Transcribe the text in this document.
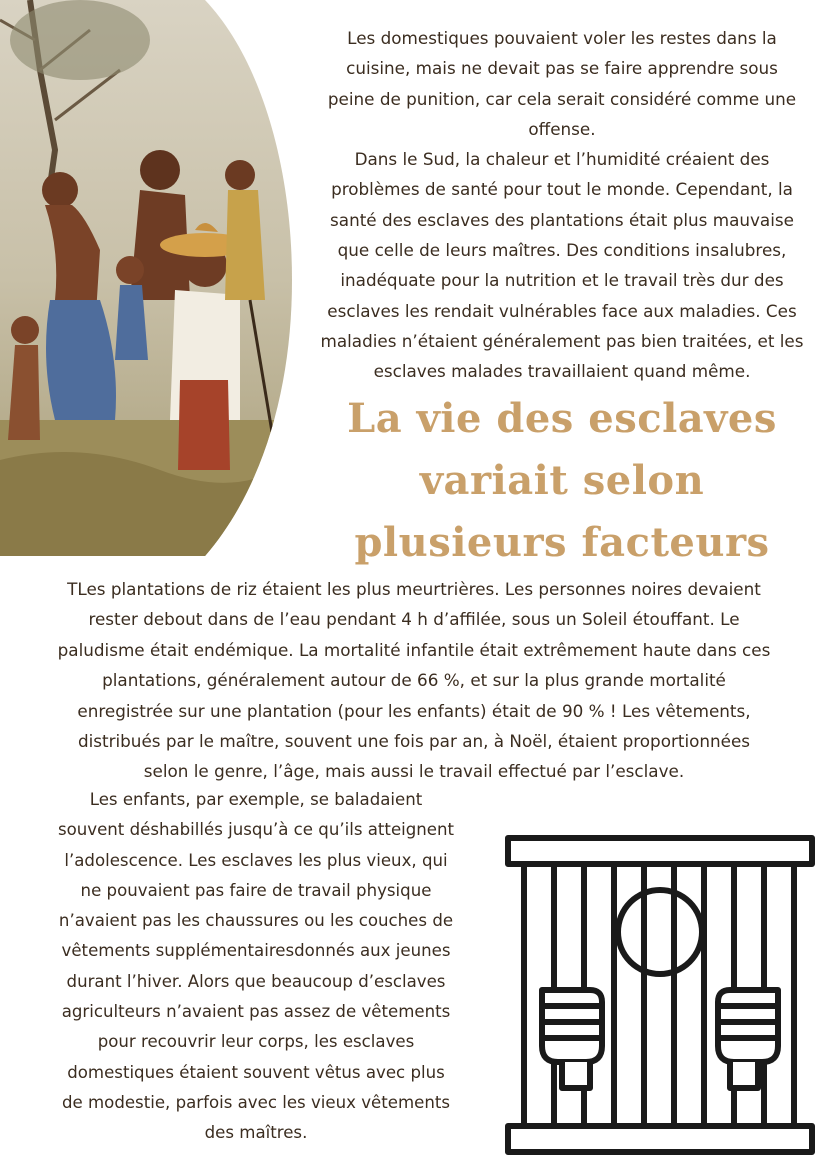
Les domestiques pouvaient voler les restes dans la
cuisine, mais ne devait pas se faire apprendre sous
peine de punition, car cela serait considéré comme une
offense.
Dans le Sud, la chaleur et l’humidité créaient des
problèmes de santé pour tout le monde. Cependant, la
santé des esclaves des plantations était plus mauvaise
que celle de leurs maîtres. Des conditions insalubres,
inadéquate pour la nutrition et le travail très dur des
esclaves les rendait vulnérables face aux maladies. Ces
maladies n’étaient généralement pas bien traitées, et les
esclaves malades travaillaient quand même.

La vie des esclaves
variait selon
plusieurs facteurs

TLes plantations de riz étaient les plus meurtrières. Les personnes noires devaient
rester debout dans de l’eau pendant 4 h d’affilée, sous un Soleil étouffant. Le
paludisme était endémique. La mortalité infantile était extrêmement haute dans ces
plantations, généralement autour de 66 %, et sur la plus grande mortalité
enregistrée sur une plantation (pour les enfants) était de 90 % ! Les vêtements,
distribués par le maître, souvent une fois par an, à Noël, étaient proportionnées
selon le genre, l’âge, mais aussi le travail effectué par l’esclave.

Les enfants, par exemple, se baladaient
souvent déshabillés jusqu’à ce qu’ils atteignent
l’adolescence. Les esclaves les plus vieux, qui
ne pouvaient pas faire de travail physique
n’avaient pas les chaussures ou les couches de
vêtements supplémentairesdonnés aux jeunes
durant l’hiver. Alors que beaucoup d’esclaves
agriculteurs n’avaient pas assez de vêtements
pour recouvrir leur corps, les esclaves
domestiques étaient souvent vêtus avec plus
de modestie, parfois avec les vieux vêtements
des maîtres.
